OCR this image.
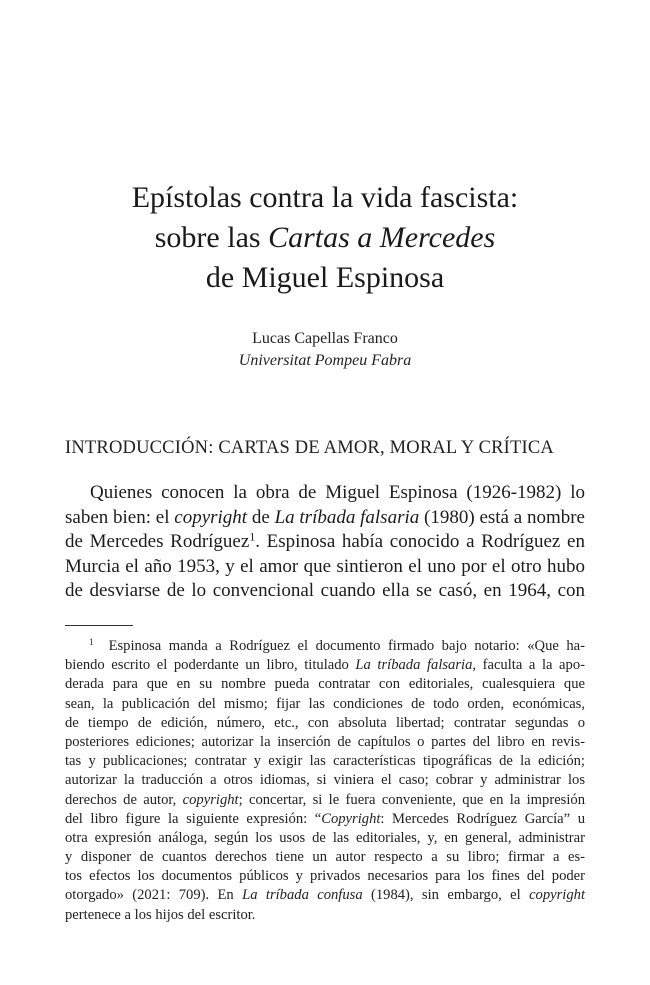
Epístolas contra la vida fascista:
sobre las Cartas a Mercedes
de Miguel Espinosa
Lucas Capellas Franco
Universitat Pompeu Fabra
INTRODUCCIÓN: CARTAS DE AMOR, MORAL Y CRÍTICA
Quienes conocen la obra de Miguel Espinosa (1926-1982) lo
saben bien: el copyright de La tríbada falsaria (1980) está a nombre
de Mercedes Rodríguez$^1$. Espinosa había conocido a Rodríguez en
Murcia el año 1953, y el amor que sintieron el uno por el otro hubo
de desviarse de lo convencional cuando ella se casó, en 1964, con
$^1$ Espinosa manda a Rodríguez el documento firmado bajo notario: «Que ha-
biendo escrito el poderdante un libro, titulado La tríbada falsaria, faculta a la apo-
derada para que en su nombre pueda contratar con editoriales, cualesquiera que
sean, la publicación del mismo; fijar las condiciones de todo orden, económicas,
de tiempo de edición, número, etc., con absoluta libertad; contratar segundas o
posteriores ediciones; autorizar la inserción de capítulos o partes del libro en revis-
tas y publicaciones; contratar y exigir las características tipográficas de la edición;
autorizar la traducción a otros idiomas, si viniera el caso; cobrar y administrar los
derechos de autor, copyright; concertar, si le fuera conveniente, que en la impresión
del libro figure la siguiente expresión: “Copyright: Mercedes Rodríguez García” u
otra expresión análoga, según los usos de las editoriales, y, en general, administrar
y disponer de cuantos derechos tiene un autor respecto a su libro; firmar a es-
tos efectos los documentos públicos y privados necesarios para los fines del poder
otorgado» (2021: 709). En La tríbada confusa (1984), sin embargo, el copyright
pertenece a los hijos del escritor.
